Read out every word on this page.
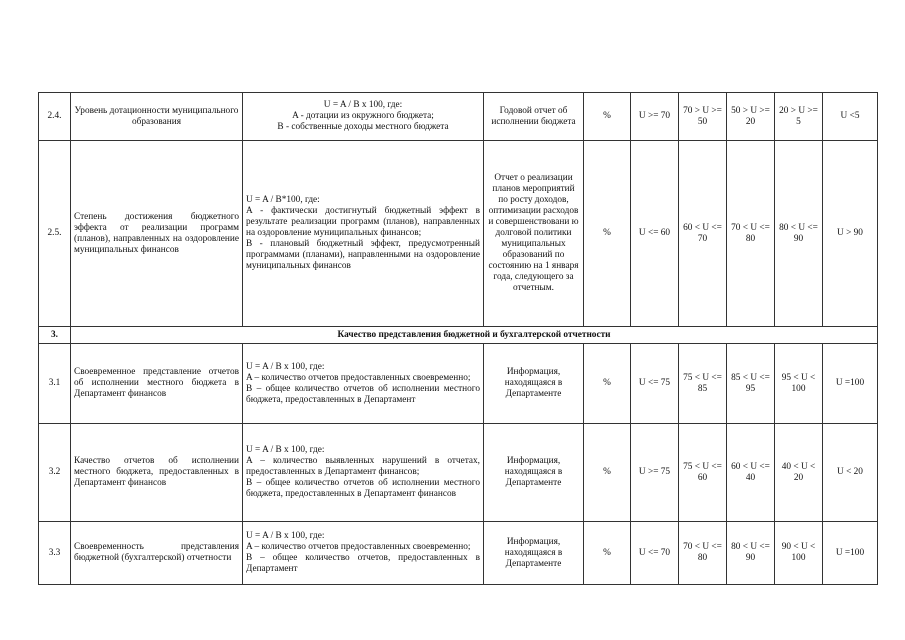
2.4.	Уровень дотационности муниципального образования	U = A / B x 100, где:
A - дотации из окружного бюджета;
B - собственные доходы местного бюджета	Годовой отчет об исполнении бюджета	%	U >= 70	70 > U >= 50	50 > U >= 20	20 > U >= 5	U <5
2.5.	Степень достижения бюджетного эффекта от реализации программ (планов), направленных на оздоровление муниципальных финансов	U = A / B*100, где:
A - фактически достигнутый бюджетный эффект в результате реализации программ (планов), направленных на оздоровление муниципальных финансов;
B - плановый бюджетный эффект, предусмотренный программами (планами), направленными на оздоровление муниципальных финансов	Отчет о реализации планов мероприятий по росту доходов, оптимизации расходов и совершенствовани ю долговой политики муниципальных образований по состоянию на 1 января года, следующего за отчетным.	%	U <= 60	60 < U <= 70	70 < U <= 80	80 < U <= 90	U > 90
3.	Качество представления бюджетной и бухгалтерской отчетности								
3.1	Своевременное представление отчетов об исполнении местного бюджета в Департамент финансов	U = A / B x 100, где:
A – количество отчетов предоставленных своевременно;
B – общее количество отчетов об исполнении местного бюджета, предоставленных в Департамент	Информация, находящаяся в Департаменте	%	U <= 75	75 < U <= 85	85 < U <= 95	95 < U < 100	U =100
3.2	Качество отчетов об исполнении местного бюджета, предоставленных в Департамент финансов	U = A / B x 100, где:
A – количество выявленных нарушений в отчетах, предоставленных в Департамент финансов;
B – общее количество отчетов об исполнении местного бюджета, предоставленных в Департамент финансов	Информация, находящаяся в Департаменте	%	U >= 75	75 < U <= 60	60 < U <= 40	40 < U < 20	U < 20
3.3	Своевременность представления бюджетной (бухгалтерской) отчетности	U = A / B x 100, где:
A – количество отчетов предоставленных своевременно;
B – общее количество отчетов, предоставленных в Департамент	Информация, находящаяся в Департаменте	%	U <= 70	70 < U <= 80	80 < U <= 90	90 < U < 100	U =100
